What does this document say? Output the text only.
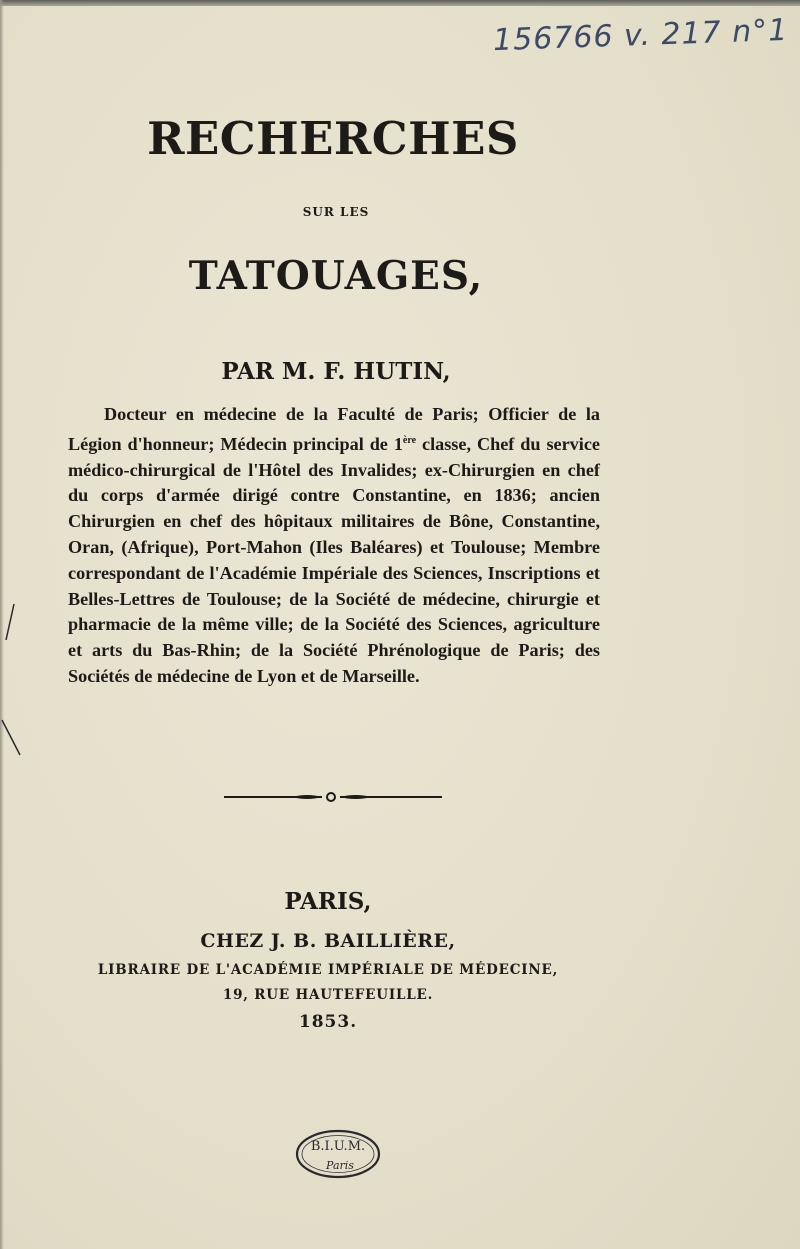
156766 v. 217 n°1
RECHERCHES
SUR LES
TATOUAGES,
PAR M. F. HUTIN,

Docteur en médecine de la Faculté de Paris; Officier de la Légion d'honneur; Médecin principal de 1ère classe, Chef du service médico-chirurgical de l'Hôtel des Invalides; ex-Chirurgien en chef du corps d'armée dirigé contre Constantine, en 1836; ancien Chirurgien en chef des hôpitaux militaires de Bône, Constantine, Oran, (Afrique), Port-Mahon (Iles Baléares) et Toulouse; Membre correspondant de l'Académie Impériale des Sciences, Inscriptions et Belles-Lettres de Toulouse; de la Société de médecine, chirurgie et pharmacie de la même ville; de la Société des Sciences, agriculture et arts du Bas-Rhin; de la Société Phrénologique de Paris; des Sociétés de médecine de Lyon et de Marseille.

PARIS,
CHEZ J. B. BAILLIÈRE,
LIBRAIRE DE L'ACADÉMIE IMPÉRIALE DE MÉDECINE,
19, RUE HAUTEFEUILLE.
1853.
B.I.U.M.
Paris
